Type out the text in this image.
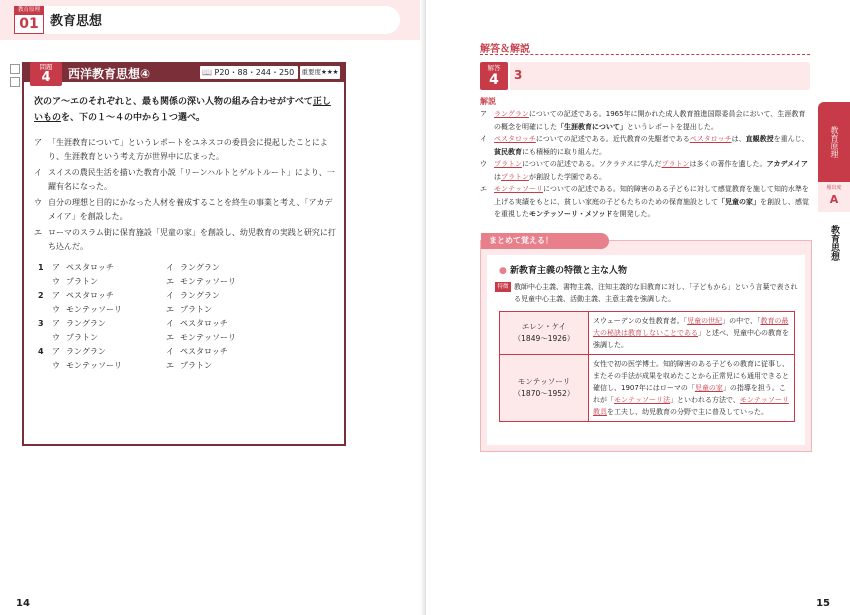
教育原理
01 教育思想
問題
4	西洋教育思想④	📖 P20・88・244・250	重要度★★★
次のア～エのそれぞれと、最も関係の深い人物の組み合わせがすべて正しいものを、下の１～４の中から１つ選べ。
ア 「生涯教育について」というレポートをユネスコの委員会に提起したことにより、生涯教育という考え方が世界中に広まった。
イ スイスの農民生活を描いた教育小説「リーンハルトとゲルトルート」により、一躍有名になった。
ウ 自分の理想と目的にかなった人材を養成することを終生の事業と考え、「アカデメイア」を創設した。
エ ローマのスラム街に保育施設「児童の家」を創設し、幼児教育の実践と研究に打ち込んだ。
1	ア ペスタロッチ	イ ラングラン
ウ プラトン	エ モンテッソーリ
2	ア ペスタロッチ	イ ラングラン
ウ モンテッソーリ	エ プラトン
3	ア ラングラン	イ ペスタロッチ
ウ プラトン	エ モンテッソーリ
4	ア ラングラン	イ ペスタロッチ
ウ モンテッソーリ	エ プラトン
14
解答＆解説
解答
4	3
解説
ア	ラングランについての記述である。1965年に開かれた成人教育推進国際委員会において、生涯教育の概念を明確にした「生涯教育について」というレポートを提出した。
イ	ペスタロッチについての記述である。近代教育の先駆者であるペスタロッチは、直観教授を重んじ、貧民教育にも積極的に取り組んだ。
ウ	プラトンについての記述である。ソクラテスに学んだプラトンは多くの著作を遺した。アカデメイアはプラトンが創設した学園である。
エ	モンテッソーリについての記述である。知的障害のある子どもに対して感覚教育を施して知的水準を上げる実績をもとに、貧しい家庭の子どもたちのための保育施設として「児童の家」を創設し、感覚を重視したモンテッソーリ・メソッドを開発した。
教育原理
頻出度
A
教育思想
まとめて覚える！
● 新教育主義の特徴と主な人物
特徴 教師中心主義、書物主義、注知主義的な旧教育に対し、「子どもから」という言葉で表される児童中心主義、活動主義、主意主義を強調した。
エレン・ケイ
（1849～1926）
スウェーデンの女性教育者。「児童の世紀」の中で、「教育の最大の秘訣は教育しないことである」と述べ、児童中心の教育を強調した。
モンテッソーリ
（1870～1952）
女性で初の医学博士。知的障害のある子どもの教育に従事し、またその手法が成果を収めたことから正常児にも通用できると確信し、1907年にはローマの「児童の家」の指導を担う。これが「モンテッソーリ法」といわれる方法で、モンテッソーリ教具を工夫し、幼児教育の分野で主に普及していった。
15
